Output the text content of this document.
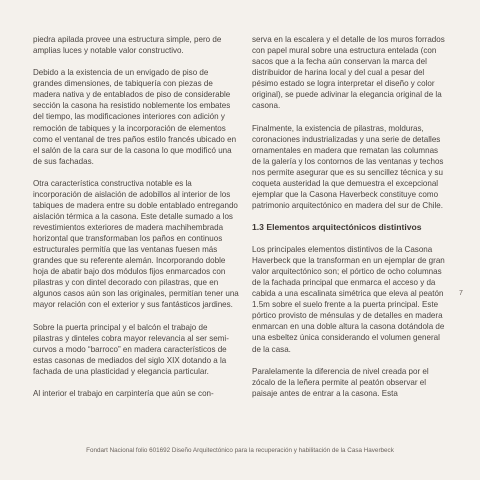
piedra apilada provee una estructura simple, pero de amplias luces y notable valor constructivo.

Debido a la existencia de un envigado de piso de grandes dimensiones, de tabiquería con piezas de madera nativa y de entablados de piso de considerable sección la casona ha resistido noblemente los embates del tiempo, las modificaciones interiores con adición y remoción de tabiques y la incorporación de elementos como el ventanal de tres paños estilo francés ubicado en el salón de la cara sur de la casona lo que modificó una de sus fachadas.

Otra característica constructiva notable es la incorporación de aislación de adobillos al interior de los tabiques de madera entre su doble entablado entregando aislación térmica a la casona. Este detalle sumado a los revestimientos exteriores de madera machihembrada horizontal que transformaban los paños en continuos estructurales permitía que las ventanas fuesen más grandes que su referente alemán. Incorporando doble hoja de abatir bajo dos módulos fijos enmarcados con pilastras y con dintel decorado con pilastras, que en algunos casos aún son las originales, permitían tener una mayor relación con el exterior y sus fantásticos jardines.

Sobre la puerta principal y el balcón el trabajo de pilastras y dinteles cobra mayor relevancia al ser semi-curvos a modo “barroco” en madera característicos de estas casonas de mediados del siglo XIX dotando a la fachada de una plasticidad y elegancia particular.

Al interior el trabajo en carpintería que aún se con-

serva en la escalera y el detalle de los muros forrados con papel mural sobre una estructura entelada (con sacos que a la fecha aún conservan la marca del distribuidor de harina local y del cual a pesar del pésimo estado se logra interpretar el diseño y color original), se puede adivinar la elegancia original de la casona.

Finalmente, la existencia de pilastras, molduras, coronaciones industrializadas y una serie de detalles ornamentales en madera que rematan las columnas de la galería y los contornos de las ventanas y techos nos permite asegurar que es su sencillez técnica y su coqueta austeridad la que demuestra el excepcional ejemplar que la Casona Haverbeck constituye como patrimonio arquitectónico en madera del sur de Chile.

1.3 Elementos arquitectónicos distintivos

Los principales elementos distintivos de la Casona Haverbeck que la transforman en un ejemplar de gran valor arquitectónico son; el pórtico de ocho columnas de la fachada principal que enmarca el acceso y da cabida a una escalinata simétrica que eleva al peatón 1.5m sobre el suelo frente a la puerta principal. Este pórtico provisto de ménsulas y de detalles en madera enmarcan en una doble altura la casona dotándola de una esbeltez única considerando el volumen general de la casa.

Paralelamente la diferencia de nivel creada por el zócalo de la leñera permite al peatón observar el paisaje antes de entrar a la casona. Esta

7
Fondart Nacional folio 601692 Diseño Arquitectónico para la recuperación y habilitación de la Casa Haverbeck
